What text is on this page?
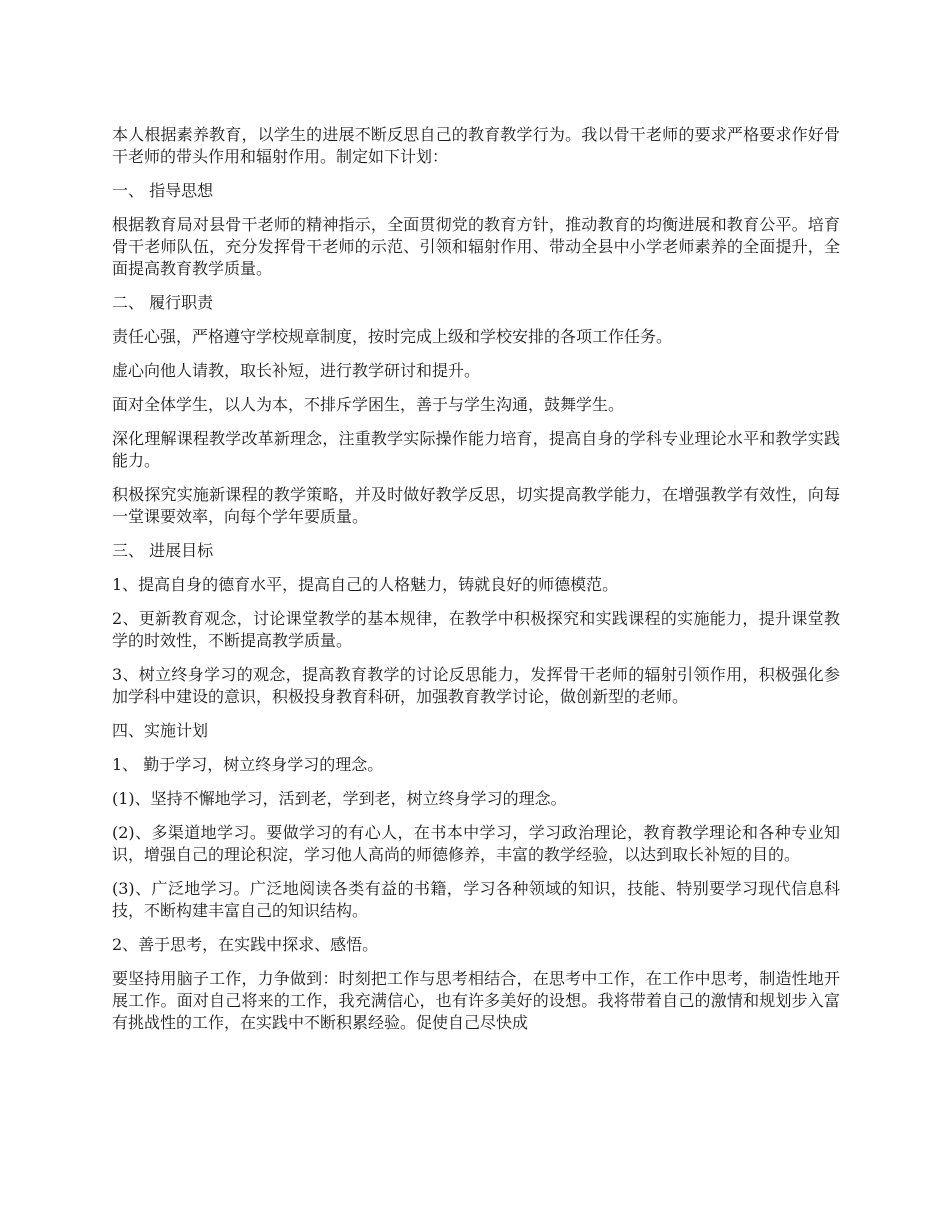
本人根据素养教育，以学生的进展不断反思自己的教育教学行为。我以骨干老师的要求严格要求作好骨干老师的带头作用和辐射作用。制定如下计划：

一、 指导思想

根据教育局对县骨干老师的精神指示，全面贯彻党的教育方针，推动教育的均衡进展和教育公平。培育骨干老师队伍，充分发挥骨干老师的示范、引领和辐射作用、带动全县中小学老师素养的全面提升，全面提高教育教学质量。

二、 履行职责

责任心强，严格遵守学校规章制度，按时完成上级和学校安排的各项工作任务。

虚心向他人请教，取长补短，进行教学研讨和提升。

面对全体学生，以人为本，不排斥学困生，善于与学生沟通，鼓舞学生。

深化理解课程教学改革新理念，注重教学实际操作能力培育，提高自身的学科专业理论水平和教学实践能力。

积极探究实施新课程的教学策略，并及时做好教学反思，切实提高教学能力，在增强教学有效性，向每一堂课要效率，向每个学年要质量。

三、 进展目标

1、提高自身的德育水平，提高自己的人格魅力，铸就良好的师德模范。

2、更新教育观念，讨论课堂教学的基本规律，在教学中积极探究和实践课程的实施能力，提升课堂教学的时效性，不断提高教学质量。

3、树立终身学习的观念，提高教育教学的讨论反思能力，发挥骨干老师的辐射引领作用，积极强化参加学科中建设的意识，积极投身教育科研，加强教育教学讨论，做创新型的老师。

四、实施计划

1、 勤于学习，树立终身学习的理念。

(1)、坚持不懈地学习，活到老，学到老，树立终身学习的理念。

(2)、多渠道地学习。要做学习的有心人，在书本中学习，学习政治理论，教育教学理论和各种专业知识，增强自己的理论积淀，学习他人高尚的师德修养，丰富的教学经验，以达到取长补短的目的。

(3)、广泛地学习。广泛地阅读各类有益的书籍，学习各种领域的知识，技能、特别要学习现代信息科技，不断构建丰富自己的知识结构。

2、善于思考，在实践中探求、感悟。

要坚持用脑子工作，力争做到：时刻把工作与思考相结合，在思考中工作，在工作中思考，制造性地开展工作。面对自己将来的工作，我充满信心，也有许多美好的设想。我将带着自己的激情和规划步入富有挑战性的工作，在实践中不断积累经验。促使自己尽快成
